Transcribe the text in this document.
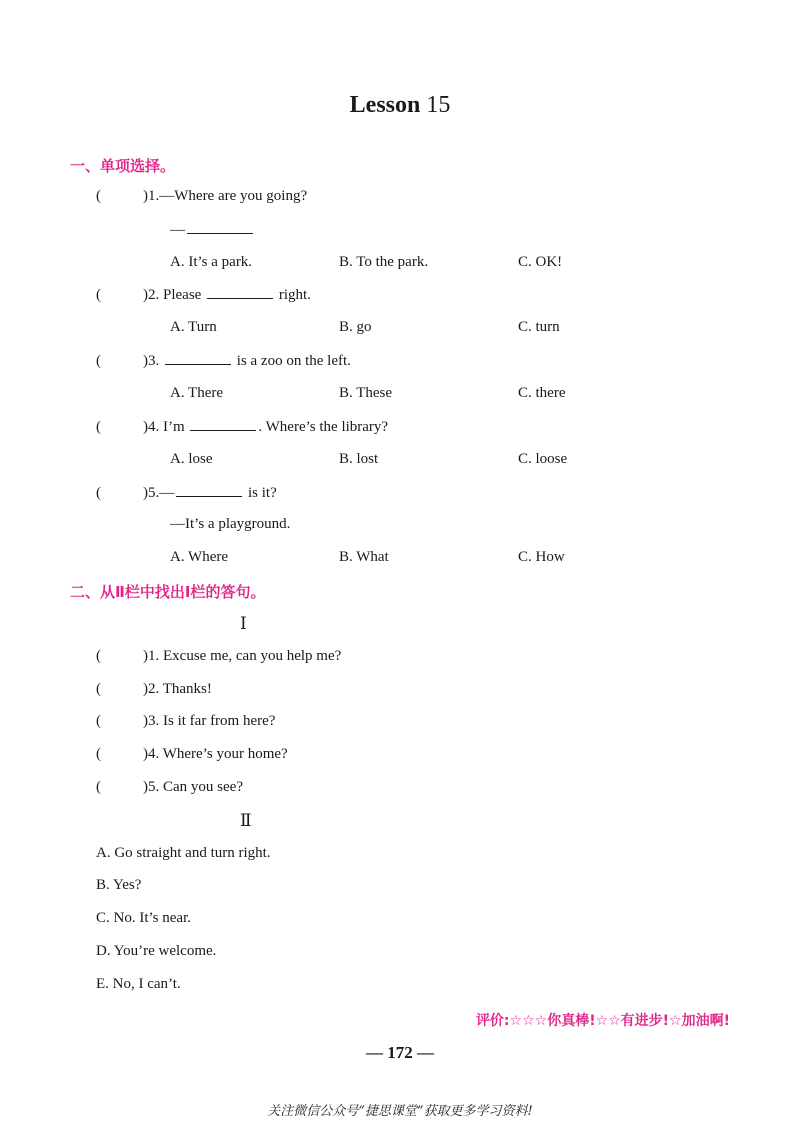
Lesson 15
一、单项选择。
(	)1.—Where are you going?
—
A. It’s a park.	B. To the park.	C. OK!
(	)2. Please	right.
A. Turn	B. go	C. turn
(	)3.	is a zoo on the left.
A. There	B. These	C. there
(	)4. I’m	. Where’s the library?
A. lose	B. lost	C. loose
(	)5.—	is it?
—It’s a playground.
A. Where	B. What	C. How
二、从Ⅱ栏中找出Ⅰ栏的答句。
Ⅰ
(	)1. Excuse me, can you help me?
(	)2. Thanks!
(	)3. Is it far from here?
(	)4. Where’s your home?
(	)5. Can you see?
Ⅱ
A. Go straight and turn right.
B. Yes?
C. No. It’s near.
D. You’re welcome.
E. No, I can’t.
评价:☆☆☆你真棒!☆☆有进步!☆加油啊!
— 172 —
关注微信公众号“捷思课堂”获取更多学习资料!
